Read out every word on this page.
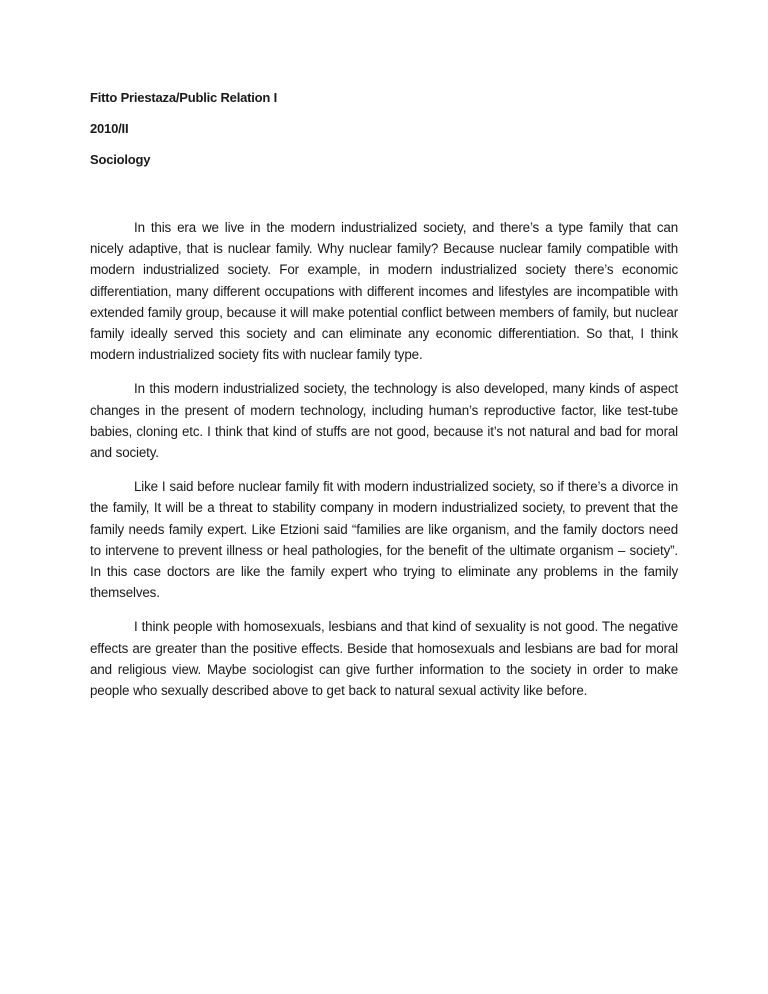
Fitto Priestaza/Public Relation I

2010/II

Sociology

In this era we live in the modern industrialized society, and there’s a type family that can nicely adaptive, that is nuclear family. Why nuclear family? Because nuclear family compatible with modern industrialized society. For example, in modern industrialized society there’s economic differentiation, many different occupations with different incomes and lifestyles are incompatible with extended family group, because it will make potential conflict between members of family, but nuclear family ideally served this society and can eliminate any economic differentiation. So that, I think modern industrialized society fits with nuclear family type.

In this modern industrialized society, the technology is also developed, many kinds of aspect changes in the present of modern technology, including human’s reproductive factor, like test-tube babies, cloning etc. I think that kind of stuffs are not good, because it’s not natural and bad for moral and society.

Like I said before nuclear family fit with modern industrialized society, so if there’s a divorce in the family, It will be a threat to stability company in modern industrialized society, to prevent that the family needs family expert. Like Etzioni said “families are like organism, and the family doctors need to intervene to prevent illness or heal pathologies, for the benefit of the ultimate organism – society”. In this case doctors are like the family expert who trying to eliminate any problems in the family themselves.

I think people with homosexuals, lesbians and that kind of sexuality is not good. The negative effects are greater than the positive effects. Beside that homosexuals and lesbians are bad for moral and religious view. Maybe sociologist can give further information to the society in order to make people who sexually described above to get back to natural sexual activity like before.
